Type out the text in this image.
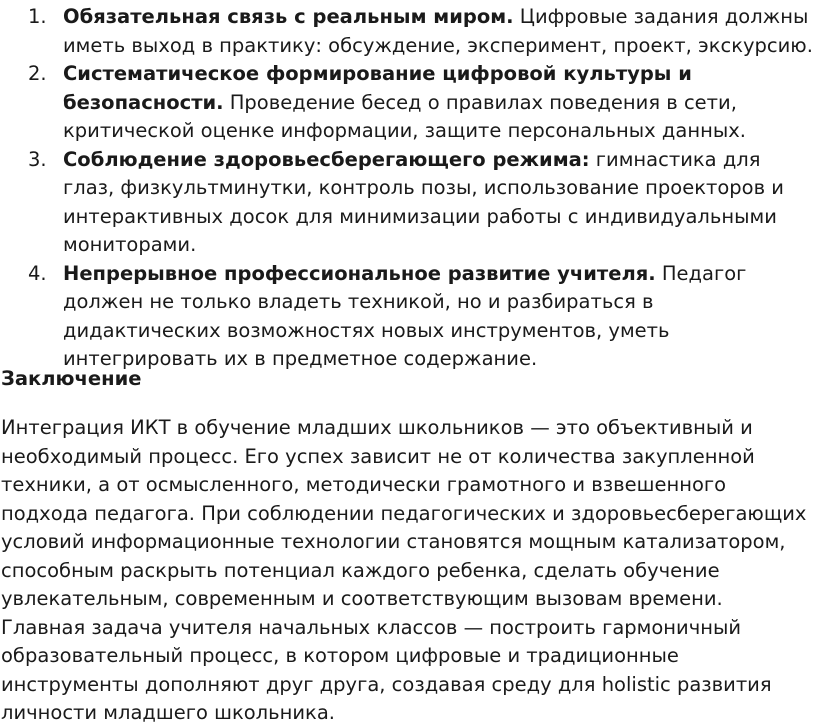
1. Обязательная связь с реальным миром. Цифровые задания должны иметь выход в практику: обсуждение, эксперимент, проект, экскурсию.
2. Систематическое формирование цифровой культуры и безопасности. Проведение бесед о правилах поведения в сети, критической оценке информации, защите персональных данных.
3. Соблюдение здоровьесберегающего режима: гимнастика для глаз, физкультминутки, контроль позы, использование проекторов и интерактивных досок для минимизации работы с индивидуальными мониторами.
4. Непрерывное профессиональное развитие учителя. Педагог должен не только владеть техникой, но и разбираться в дидактических возможностях новых инструментов, уметь интегрировать их в предметное содержание.
Заключение

Интеграция ИКТ в обучение младших школьников — это объективный и необходимый процесс. Его успех зависит не от количества закупленной техники, а от осмысленного, методически грамотного и взвешенного подхода педагога. При соблюдении педагогических и здоровьесберегающих условий информационные технологии становятся мощным катализатором, способным раскрыть потенциал каждого ребенка, сделать обучение увлекательным, современным и соответствующим вызовам времени. Главная задача учителя начальных классов — построить гармоничный образовательный процесс, в котором цифровые и традиционные инструменты дополняют друг друга, создавая среду для holistic развития личности младшего школьника.
